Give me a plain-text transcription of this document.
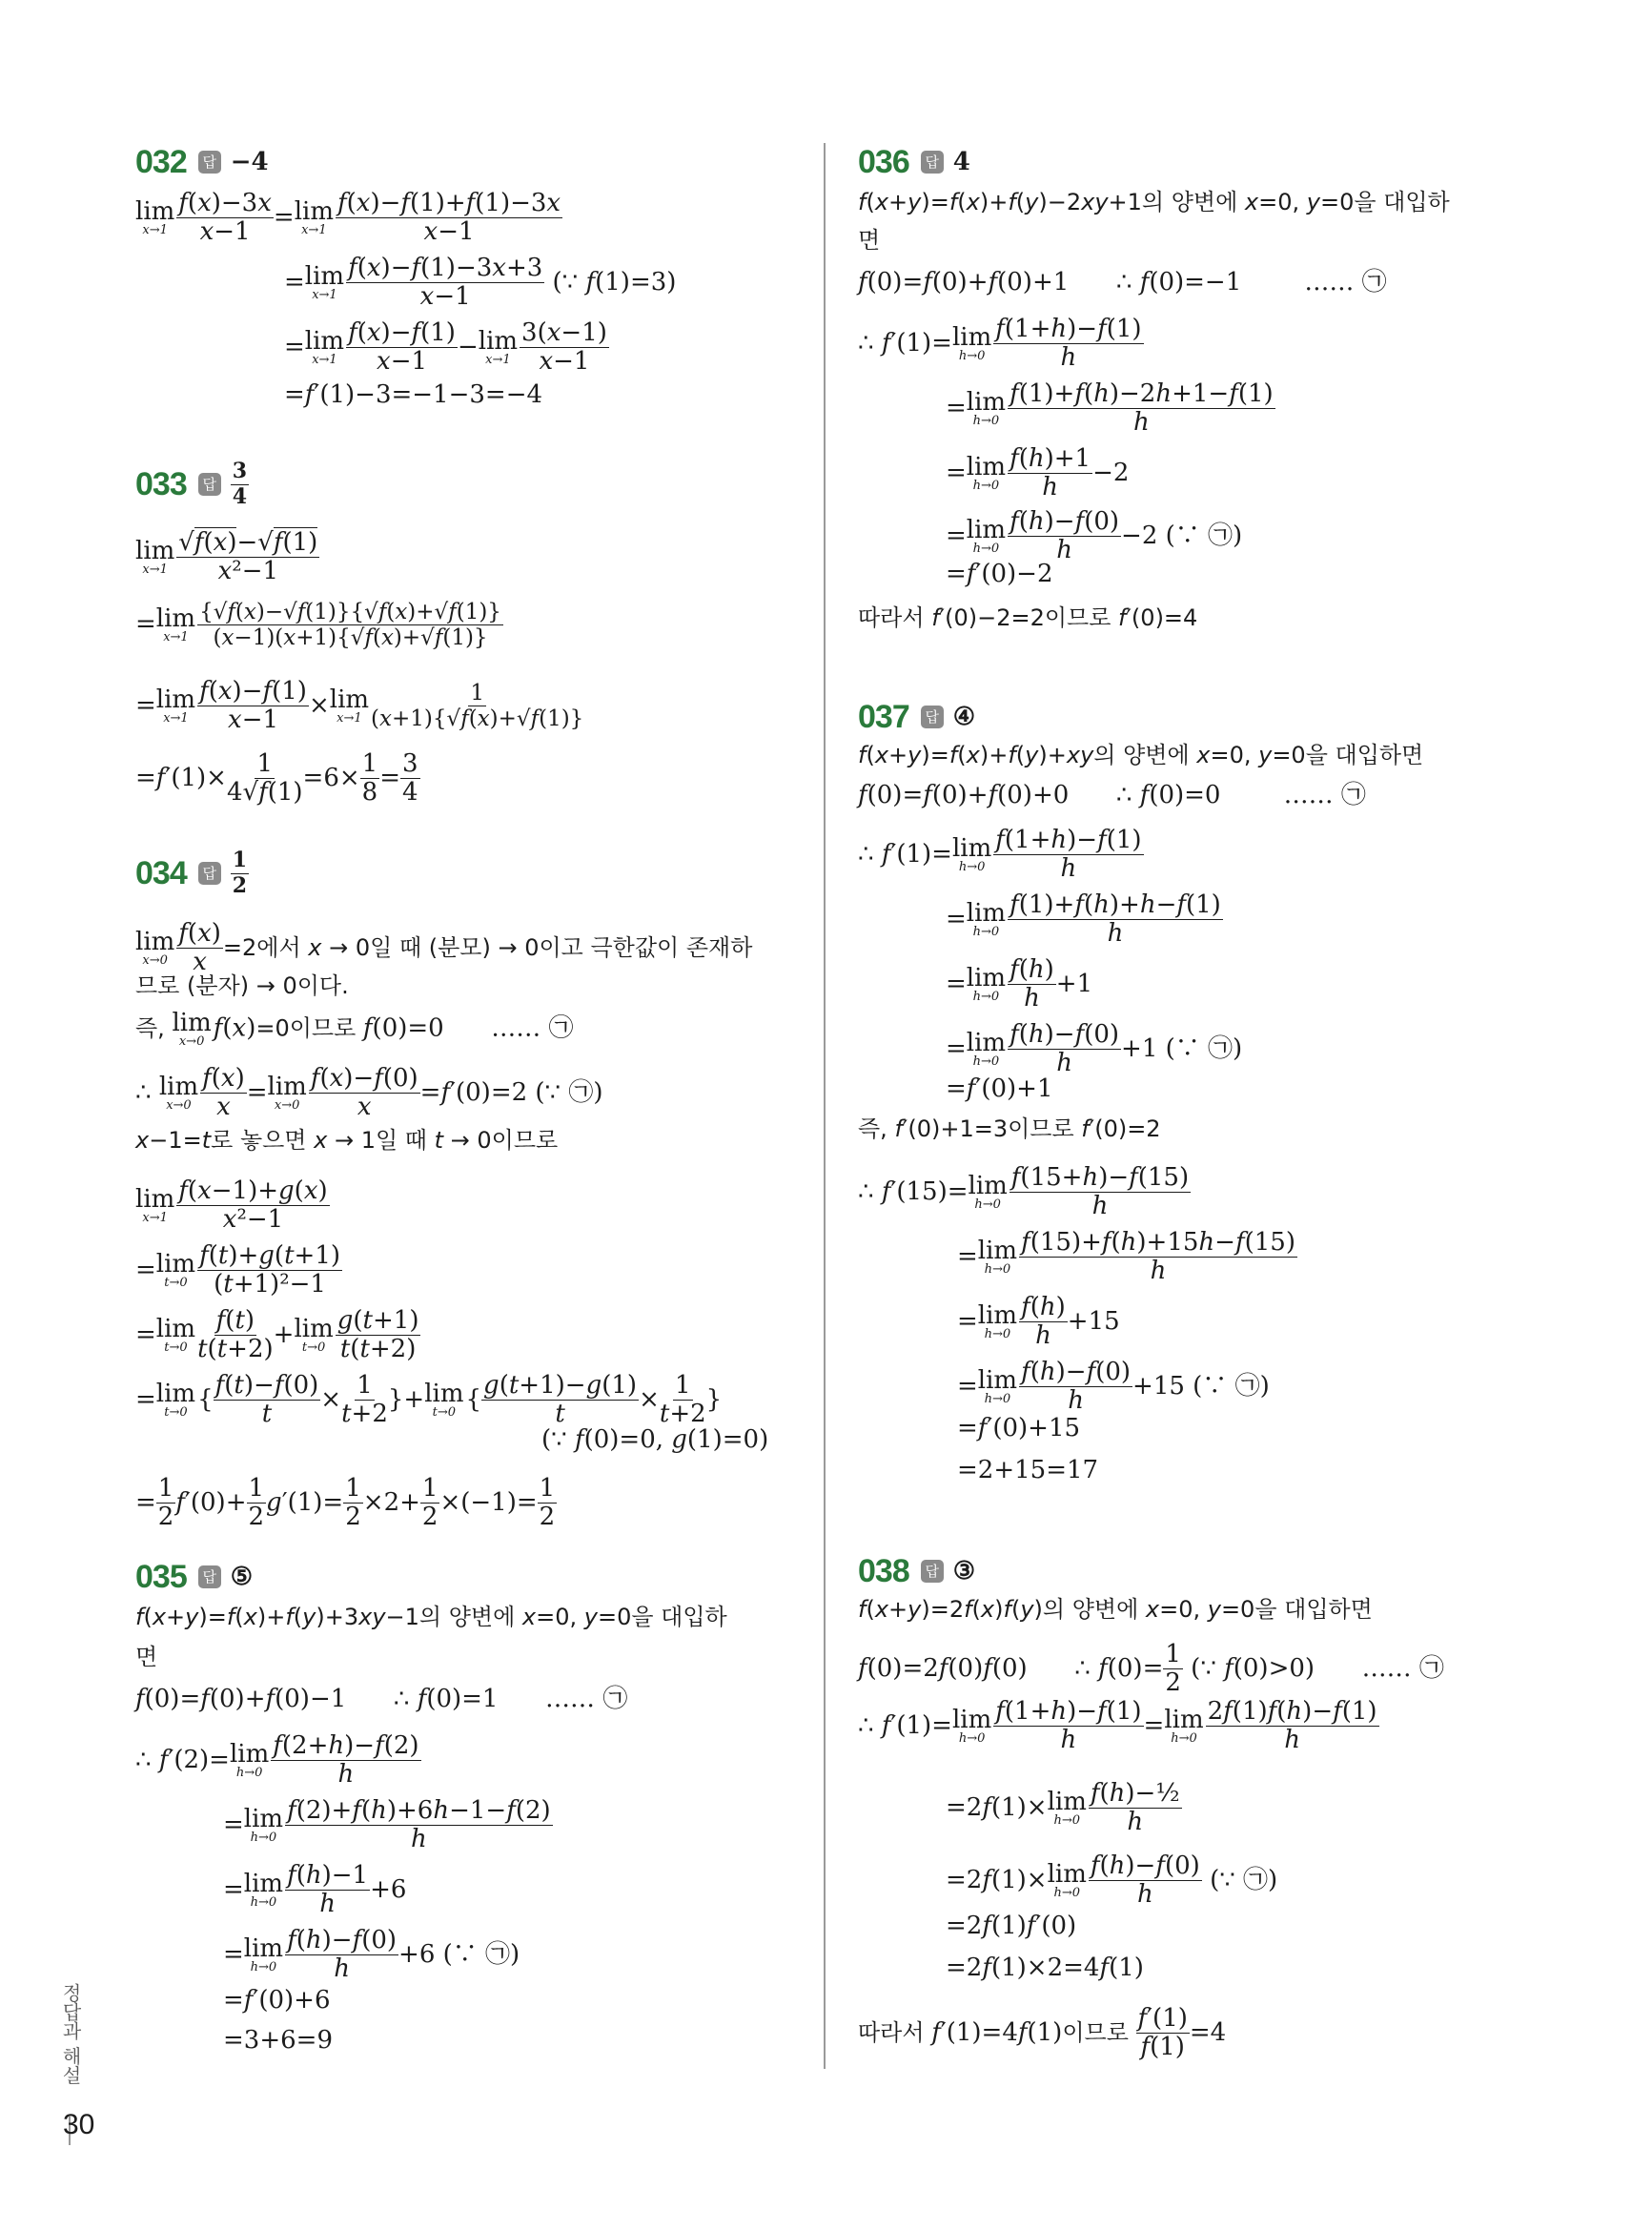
032	답 −4
lim
$x\to 1 \frac{f(x)-3x}{x-1} =\lim$
$x\to 1 \frac{f(x)-f(1)+f(1)-3x}{x-1}$
=lim
$x\to 1 \frac{f(x)-f(1)-3x+3}{x-1}$ (∵ f(1)=3)
=lim
$x\to 1 \frac{f(x)-f(1)}{x-1} -\lim$
$x\to 1 \frac{3(x-1)}{x-1}$
=f′(1)−3=−1−3=−4
033	답
3
4
lim
$x\to 1 \frac{√f(x)-√f(1)}{\text{x²−1}}$
=lim
$x\to 1 \frac{\{√f(x)-√f(1)\}\{√f(x)+√f(1)\}}{(x-1)(x+1)\{√f(x)+√f(1)\}}$
=lim
$x\to 1 \frac{f(x)-f(1)}{x-1} \times\lim$
$x\to 1 \frac{1}{(x+1)\{√f(x)+√f(1)\}}$
$=f'(1)\times \frac{1}{4√f(1)} =6\times \frac{1}{8} = \frac{3}{4}$
034	답
1
2
lim
$x\to 0 \frac{f(x)}{x} =2$에서 x → 0일 때 (분모) → 0이고 극한값이 존재하
므로 (분자) → 0이다.
즉, lim
x→0 f(x)=0이므로 f(0)=0      …… ㉠
∴ lim
$x\to 0 \frac{f(x)}{x} =\lim$
$x\to 0 \frac{f(x)-f(0)}{x} =f'(0)=2$ (∵ ㉠)
x−1=t로 놓으면 x → 1일 때 t → 0이므로
lim
$x\to 1 \frac{f(x-1)+g(x)}{\text{x²−1}}$
=lim
$t\to 0 \frac{f(t)+g(t+1)}{\text{(t+1)²−1}}$
=lim
$t\to 0 \frac{f(t)}{t(t+2)} +\lim$
$t\to 0 \frac{g(t+1)}{t(t+2)}$
=lim
t→0 { $\frac{f(t)-f(0)}{t} \times \frac{1}{t+2} \}+\lim$
t→0 { $\frac{g(t+1)-g(1)}{t} \times \frac{1}{t+2}$ }
(∵ f(0)=0, g(1)=0)
= $\frac{1}{2} f'(0)+ \frac{1}{2} g'(1)= \frac{1}{2} \times 2+ \frac{1}{2} \times(-1)= \frac{1}{2}$
035	답 ⑤
f(x+y)=f(x)+f(y)+3xy−1의 양변에 x=0, y=0을 대입하
면
f(0)=f(0)+f(0)−1      ∴ f(0)=1      …… ㉠
∴ f′(2)=lim
$h\to 0 \frac{f(2+h)-f(2)}{h}$
=lim
$h\to 0 \frac{f(2)+f(h)+6h-1-f(2)}{h}$
=lim
$h\to 0 \frac{f(h)-1}{h} +6$
=lim
$h\to 0 \frac{f(h)-f(0)}{h} +6$ (∵ ㉠)
=f′(0)+6
=3+6=9
036	답 4
f(x+y)=f(x)+f(y)−2xy+1의 양변에 x=0, y=0을 대입하
면
f(0)=f(0)+f(0)+1      ∴ f(0)=−1        …… ㉠
∴ f′(1)=lim
$h\to 0 \frac{f(1+h)-f(1)}{h}$
=lim
$h\to 0 \frac{f(1)+f(h)-2h+1-f(1)}{h}$
=lim
$h\to 0 \frac{f(h)+1}{h} -2$
=lim
$h\to 0 \frac{f(h)-f(0)}{h} -2$ (∵ ㉠)
=f′(0)−2
따라서 f′(0)−2=2이므로 f′(0)=4
037	답 ④
f(x+y)=f(x)+f(y)+xy의 양변에 x=0, y=0을 대입하면
f(0)=f(0)+f(0)+0      ∴ f(0)=0        …… ㉠
∴ f′(1)=lim
$h\to 0 \frac{f(1+h)-f(1)}{h}$
=lim
$h\to 0 \frac{f(1)+f(h)+h-f(1)}{h}$
=lim
$h\to 0 \frac{f(h)}{h} +1$
=lim
$h\to 0 \frac{f(h)-f(0)}{h} +1$ (∵ ㉠)
=f′(0)+1
즉, f′(0)+1=3이므로 f′(0)=2
∴ f′(15)=lim
$h\to 0 \frac{f(15+h)-f(15)}{h}$
=lim
$h\to 0 \frac{f(15)+f(h)+15h-f(15)}{h}$
=lim
$h\to 0 \frac{f(h)}{h} +15$
=lim
$h\to 0 \frac{f(h)-f(0)}{h} +15$ (∵ ㉠)
=f′(0)+15
=2+15=17
038	답 ③
f(x+y)=2f(x)f(y)의 양변에 x=0, y=0을 대입하면
f(0)=2f(0)f(0)      ∴ $f(0)= \frac{1}{2}$ (∵ f(0)>0)      …… ㉠
∴ f′(1)=lim
$h\to 0 \frac{f(1+h)-f(1)}{h} =\lim$
$h\to 0 \frac{2f(1)f(h)-f(1)}{h}$
=2f(1)×lim
$h\to 0 \frac{\text{f(h)−½}}{h}$
=2f(1)×lim
$h\to 0 \frac{f(h)-f(0)}{h}$ (∵ ㉠)
=2f(1)f′(0)
=2f(1)×2=4f(1)
따라서 f′(1)=4f(1)이므로 $\frac{f'(1)}{f(1)} =4$
정답과 해설
30
